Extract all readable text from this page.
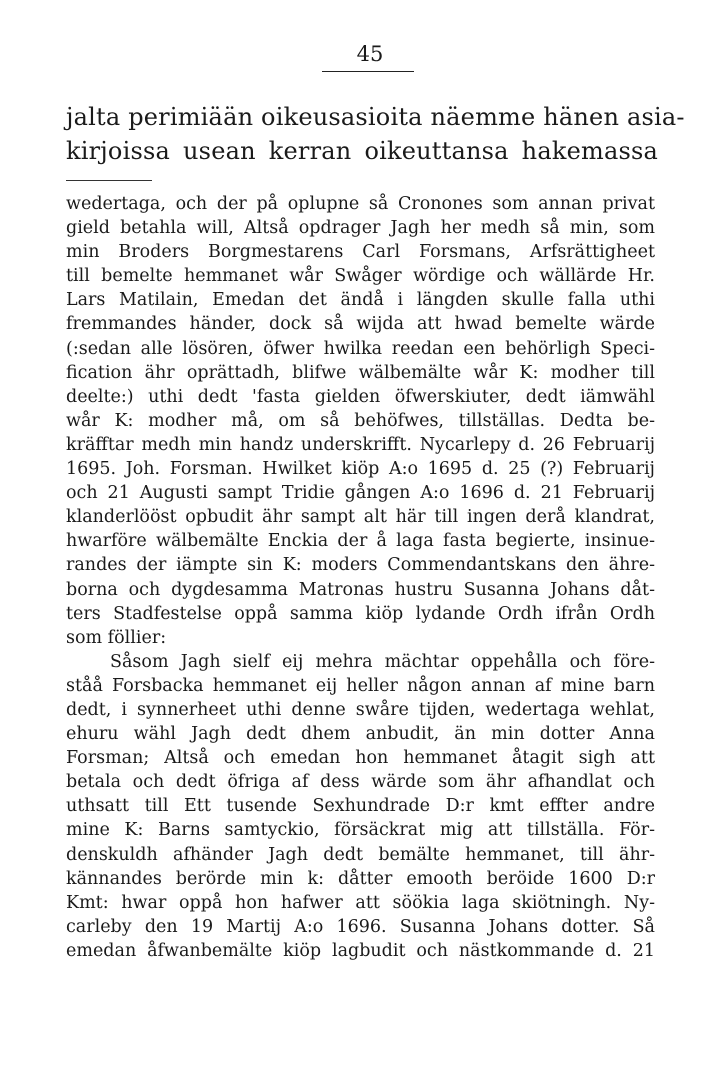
45
jalta perimiään oikeusasioita näemme hänen asia-
kirjoissa usean kerran oikeuttansa hakemassa
wedertaga, och der på oplupne så Cronones som annan privat
gield betahla will, Altså opdrager Jagh her medh så min, som
min Broders Borgmestarens Carl Forsmans, Arfsrättigheet
till bemelte hemmanet wår Swåger wördige och wällärde Hr.
Lars Matilain, Emedan det ändå i längden skulle falla uthi
fremmandes händer, dock så wijda att hwad bemelte wärde
(:sedan alle lösören, öfwer hwilka reedan een behörligh Speci-
fication ähr oprättadh, blifwe wälbemälte wår K: modher till
deelte:) uthi dedt 'fasta gielden öfwerskiuter, dedt iämwähl
wår K: modher må, om så behöfwes, tillställas. Dedta be-
kräfftar medh min handz underskrifft. Nycarlepy d. 26 Februarij
1695. Joh. Forsman. Hwilket kiöp A:o 1695 d. 25 (?) Februarij
och 21 Augusti sampt Tridie gången A:o 1696 d. 21 Februarij
klanderlööst opbudit ähr sampt alt här till ingen derå klandrat,
hwarföre wälbemälte Enckia der å laga fasta begierte, insinue-
randes der iämpte sin K: moders Commendantskans den ähre-
borna och dygdesamma Matronas hustru Susanna Johans dåt-
ters Stadfestelse oppå samma kiöp lydande Ordh ifrån Ordh
som föllier:
Såsom Jagh sielf eij mehra mächtar oppehålla och före-
ståå Forsbacka hemmanet eij heller någon annan af mine barn
dedt, i synnerheet uthi denne swåre tijden, wedertaga wehlat,
ehuru wähl Jagh dedt dhem anbudit, än min dotter Anna
Forsman; Altså och emedan hon hemmanet åtagit sigh att
betala och dedt öfriga af dess wärde som ähr afhandlat och
uthsatt till Ett tusende Sexhundrade D:r kmt effter andre
mine K: Barns samtyckio, försäckrat mig att tillställa. För-
denskuldh afhänder Jagh dedt bemälte hemmanet, till ähr-
kännandes berörde min k: dåtter emooth beröide 1600 D:r
Kmt: hwar oppå hon hafwer att söökia laga skiötningh. Ny-
carleby den 19 Martij A:o 1696. Susanna Johans dotter. Så
emedan åfwanbemälte kiöp lagbudit och nästkommande d. 21
